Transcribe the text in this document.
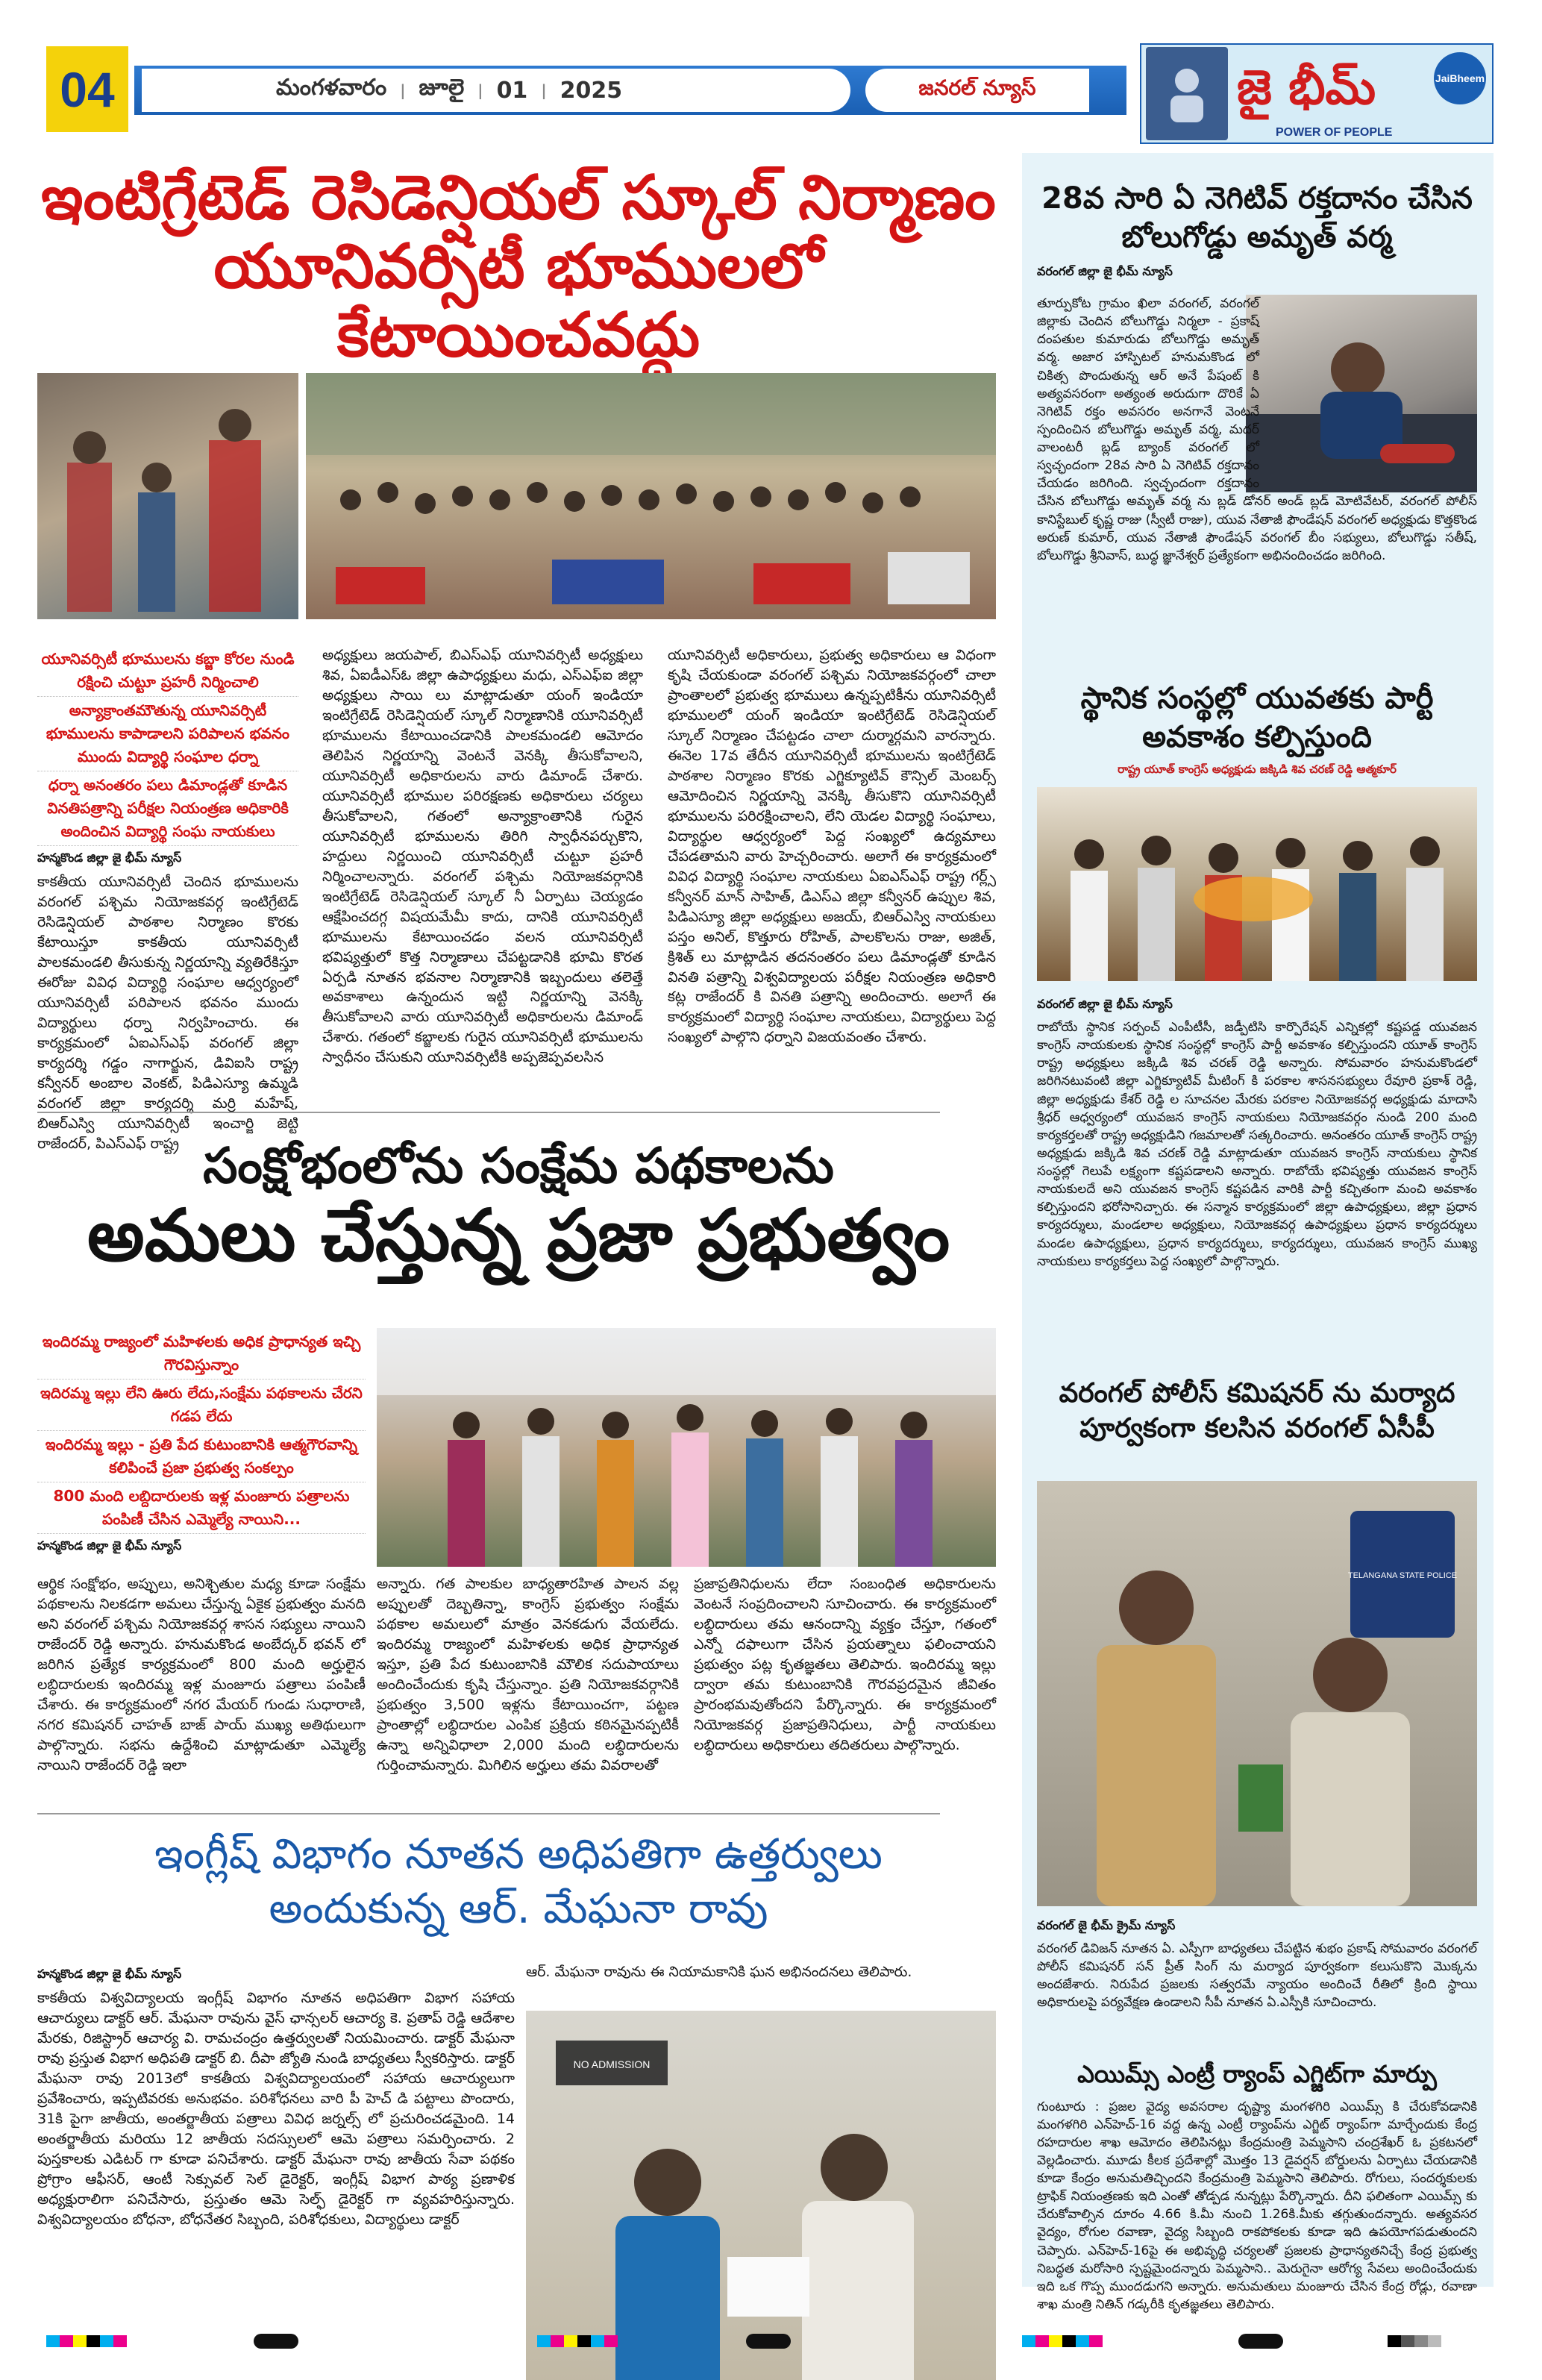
04	మంగళవారం | జూలై | 01 | 2025	జనరల్ న్యూస్	జై భీమ్
POWER OF PEOPLE
JaiBheem
ఇంటిగ్రేటెడ్ రెసిడెన్షియల్ స్కూల్ నిర్మాణం
యూనివర్సిటీ భూములలో కేటాయించవద్దు
యూనివర్సిటీ భూములను కబ్జా కోరల నుండి రక్షించి చుట్టూ ప్రహరీ నిర్మించాలి
అన్యాక్రాంతమౌతున్న యూనివర్సిటీ భూములను కాపాడాలని పరిపాలన భవనం ముందు విద్యార్థి సంఘాల ధర్నా
ధర్నా అనంతరం పలు డిమాండ్లతో కూడిన వినతిపత్రాన్ని పరీక్షల నియంత్రణ అధికారికి అందించిన విద్యార్థి సంఘ నాయకులు
హన్మకొండ జిల్లా జై భీమ్ న్యూస్
కాకతీయ యూనివర్సిటీ చెందిన భూములను వరంగల్ పశ్చిమ నియోజకవర్గ ఇంటిగ్రేటెడ్ రెసిడెన్షియల్ పాఠశాల నిర్మాణం కొరకు కేటాయిస్తూ కాకతీయ యూనివర్సిటీ పాలకమండలి తీసుకున్న నిర్ణయాన్ని వ్యతిరేకిస్తూ ఈరోజు వివిధ విద్యార్థి సంఘాల ఆధ్వర్యంలో యూనివర్సిటీ పరిపాలన భవనం ముందు విద్యార్థులు ధర్నా నిర్వహించారు. ఈ కార్యక్రమంలో ఏఐఎస్ఎఫ్ వరంగల్ జిల్లా కార్యదర్శి గడ్డం నాగార్జున, డివిఐసి రాష్ట్ర కన్వీనర్ అంబాల వెంకట్, పిడిఎస్యూ ఉమ్మడి వరంగల్ జిల్లా కార్యదర్శి మర్రి మహేష్, బిఆర్ఎస్వి యూనివర్సిటీ ఇంచార్జి జెట్టి రాజేందర్, పిఎస్ఎఫ్ రాష్ట్ర
అధ్యక్షులు జయపాల్, బిఎస్ఎఫ్ యూనివర్సిటీ అధ్యక్షులు శివ, ఏఐడీఎస్ఓ జిల్లా ఉపాధ్యక్షులు మధు, ఎస్ఎఫ్ఐ జిల్లా అధ్యక్షులు సాయి లు మాట్లాడుతూ యంగ్ ఇండియా ఇంటిగ్రేటెడ్ రెసిడెన్షియల్ స్కూల్ నిర్మాణానికి యూనివర్సిటీ భూములను కేటాయించడానికి పాలకమండలి ఆమోదం తెలిపిన నిర్ణయాన్ని వెంటనే వెనక్కి తీసుకోవాలని, యూనివర్సిటీ అధికారులను వారు డిమాండ్ చేశారు. యూనివర్సిటీ భూముల పరిరక్షణకు అధికారులు చర్యలు తీసుకోవాలని, గతంలో అన్యాక్రాంతానికి గురైన యూనివర్సిటీ భూములను తిరిగి స్వాధీనపర్చుకొని, హద్దులు నిర్ణయించి యూనివర్సిటీ చుట్టూ ప్రహరీ నిర్మించాలన్నారు. వరంగల్ పశ్చిమ నియోజకవర్గానికి ఇంటిగ్రేటెడ్ రెసిడెన్షియల్ స్కూల్ నీ ఏర్పాటు చెయ్యడం ఆక్షేపించదగ్గ విషయమేమీ కాదు, దానికి యూనివర్సిటీ భూములను కేటాయించడం వలన యూనివర్సిటీ భవిష్యత్తులో కొత్త నిర్మాణాలు చేపట్టడానికి భూమి కొరత ఏర్పడి నూతన భవనాల నిర్మాణానికి ఇబ్బందులు తలెత్తే అవకాశాలు ఉన్నందున ఇట్టి నిర్ణయాన్ని వెనక్కి తీసుకోవాలని వారు యూనివర్సిటీ అధికారులను డిమాండ్ చేశారు. గతంలో కబ్జాలకు గురైన యూనివర్సిటీ భూములను స్వాధీనం చేసుకుని యూనివర్సిటీకి అప్పజెప్పవలసిన
యూనివర్సిటీ అధికారులు, ప్రభుత్వ అధికారులు ఆ విధంగా కృషి చేయకుండా వరంగల్ పశ్చిమ నియోజకవర్గంలో చాలా ప్రాంతాలలో ప్రభుత్వ భూములు ఉన్నప్పటికీను యూనివర్సిటీ భూములలో యంగ్ ఇండియా ఇంటిగ్రేటెడ్ రెసిడెన్షియల్ స్కూల్ నిర్మాణం చేపట్టడం చాలా దుర్మార్గమని వారన్నారు. ఈనెల 17వ తేదీన యూనివర్సిటీ భూములను ఇంటిగ్రేటెడ్ పాఠశాల నిర్మాణం కొరకు ఎగ్జిక్యూటివ్ కౌన్సిల్ మెంబర్స్ ఆమోదించిన నిర్ణయాన్ని వెనక్కి తీసుకొని యూనివర్సిటీ భూములను పరిరక్షించాలని, లేని యెడల విద్యార్థి సంఘాలు, విద్యార్థుల ఆధ్వర్యంలో పెద్ద సంఖ్యలో ఉద్యమాలు చేపడతామని వారు హెచ్చరించారు. అలాగే ఈ కార్యక్రమంలో వివిధ విద్యార్థి సంఘాల నాయకులు ఏఐఎస్ఎఫ్ రాష్ట్ర గర్ల్స్ కన్వీనర్ మాన్ సాహిత్, డిఎస్ఎ జిల్లా కన్వీనర్ ఉప్పుల శివ, పిడిఎస్యూ జిల్లా అధ్యక్షులు అజయ్, బిఆర్ఎస్వి నాయకులు పస్తం అనిల్, కొత్తూరు రోహిత్, పాలకొలను రాజు, అజిత్, క్రిశిత్ లు మాట్లాడిన తదనంతరం పలు డిమాండ్లతో కూడిన వినతి పత్రాన్ని విశ్వవిద్యాలయ పరీక్షల నియంత్రణ అధికారి కట్ల రాజేందర్ కి వినతి పత్రాన్ని అందించారు. అలాగే ఈ కార్యక్రమంలో విద్యార్థి సంఘాల నాయకులు, విద్యార్థులు పెద్ద సంఖ్యలో పాల్గొని ధర్నాని విజయవంతం చేశారు.
సంక్షోభంలోను సంక్షేమ పథకాలను
అమలు చేస్తున్న ప్రజా ప్రభుత్వం
ఇందిరమ్మ రాజ్యంలో మహిళలకు అధిక ప్రాధాన్యత ఇచ్చి గౌరవిస్తున్నాం
ఇదిరమ్మ ఇల్లు లేని ఊరు లేదు,సంక్షేమ పథకాలను చేరని గడప లేదు
ఇందిరమ్మ ఇల్లు - ప్రతి పేద కుటుంబానికి ఆత్మగౌరవాన్ని కలిపించే ప్రజా ప్రభుత్వ సంకల్పం
800 మంది లబ్దిదారులకు ఇళ్ల మంజూరు పత్రాలను పంపిణీ చేసిన ఎమ్మెల్యే నాయిని...
హన్మకొండ జిల్లా జై భీమ్ న్యూస్
ఆర్థిక సంక్షోభం, అప్పులు, అనిశ్చితుల మధ్య కూడా సంక్షేమ పథకాలను నిలకడగా అమలు చేస్తున్న ఏకైక ప్రభుత్వం మనది అని వరంగల్ పశ్చిమ నియోజకవర్గ శాసన సభ్యులు నాయిని రాజేందర్ రెడ్డి అన్నారు. హనుమకొండ అంబేద్కర్ భవన్ లో జరిగిన ప్రత్యేక కార్యక్రమంలో 800 మంది అర్హులైన లబ్ధిదారులకు ఇందిరమ్మ ఇళ్ల మంజూరు పత్రాలు పంపిణీ చేశారు. ఈ కార్యక్రమంలో నగర మేయర్ గుండు సుధారాణి, నగర కమిషనర్ చాహత్ బాజ్ పాయ్ ముఖ్య అతిథులుగా పాల్గొన్నారు. సభను ఉద్దేశించి మాట్లాడుతూ ఎమ్మెల్యే నాయిని రాజేందర్ రెడ్డి ఇలా
అన్నారు. గత పాలకుల బాధ్యతారహిత పాలన వల్ల అప్పులతో దెబ్బతిన్నా, కాంగ్రెస్ ప్రభుత్వం సంక్షేమ పథకాల అమలులో మాత్రం వెనకడుగు వేయలేదు. ఇందిరమ్మ రాజ్యంలో మహిళలకు అధిక ప్రాధాన్యత ఇస్తూ, ప్రతి పేద కుటుంబానికి మౌలిక సదుపాయాలు అందించేందుకు కృషి చేస్తున్నాం. ప్రతి నియోజకవర్గానికి ప్రభుత్వం 3,500 ఇళ్లను కేటాయించగా, పట్టణ ప్రాంతాల్లో లబ్ధిదారుల ఎంపిక ప్రక్రియ కఠినమైనప్పటికీ ఉన్నా అన్నివిధాలా 2,000 మంది లబ్ధిదారులను గుర్తించామన్నారు. మిగిలిన అర్హులు తమ వివరాలతో
ప్రజాప్రతినిధులను లేదా సంబంధిత అధికారులను వెంటనే సంప్రదించాలని సూచించారు. ఈ కార్యక్రమంలో లబ్ధిదారులు తమ ఆనందాన్ని వ్యక్తం చేస్తూ, గతంలో ఎన్నో దఫాలుగా చేసిన ప్రయత్నాలు ఫలించాయని ప్రభుత్వం పట్ల కృతజ్ఞతలు తెలిపారు. ఇందిరమ్మ ఇల్లు ద్వారా తమ కుటుంబానికి గౌరవప్రదమైన జీవితం ప్రారంభమవుతోందని పేర్కొన్నారు. ఈ కార్యక్రమంలో నియోజకవర్గ ప్రజాప్రతినిధులు, పార్టీ నాయకులు లబ్ధిదారులు అధికారులు తదితరులు పాల్గొన్నారు.
ఇంగ్లీష్ విభాగం నూతన అధిపతిగా ఉత్తర్వులు
అందుకున్న ఆర్. మేఘనా రావు
హన్మకొండ జిల్లా జై భీమ్ న్యూస్
కాకతీయ విశ్వవిద్యాలయ ఇంగ్లీష్ విభాగం నూతన అధిపతిగా విభాగ సహాయ ఆచార్యులు డాక్టర్ ఆర్. మేఘనా రావును వైస్ ఛాన్సలర్ ఆచార్య కె. ప్రతాప్ రెడ్డి ఆదేశాల మేరకు, రిజిస్ట్రార్ ఆచార్య వి. రామచంద్రం ఉత్తర్వులతో నియమించారు. డాక్టర్ మేఘనా రావు ప్రస్తుత విభాగ అధిపతి డాక్టర్ బి. దీపా జ్యోతి నుండి బాధ్యతలు స్వీకరిస్తారు. డాక్టర్ మేఘనా రావు 2013లో కాకతీయ విశ్వవిద్యాలయంలో సహాయ ఆచార్యులుగా ప్రవేశించారు, ఇప్పటివరకు అనుభవం. పరిశోధనలు వారి పీ హెచ్ డి పట్టాలు పొందారు, 31కి పైగా జాతీయ, అంతర్జాతీయ పత్రాలు వివిధ జర్నల్స్ లో ప్రచురించడమైంది. 14 అంతర్జాతీయ మరియు 12 జాతీయ సదస్సులలో ఆమె పత్రాలు సమర్పించారు. 2 పుస్తకాలకు ఎడిటర్ గా కూడా పనిచేశారు. డాక్టర్ మేఘనా రావు జాతీయ సేవా పథకం ప్రోగ్రాం ఆఫీసర్, ఆంటీ సెక్సువల్ సెల్ డైరెక్టర్, ఇంగ్లీష్ విభాగ పాఠ్య ప్రణాళిక అధ్యక్షురాలిగా పనిచేసారు, ప్రస్తుతం ఆమె సెల్ఫ్ డైరెక్టర్ గా వ్యవహరిస్తున్నారు. విశ్వవిద్యాలయం బోధనా, బోధనేతర సిబ్బంది, పరిశోధకులు, విద్యార్థులు డాక్టర్
ఆర్. మేఘనా రావును ఈ నియామకానికి ఘన అభినందనలు తెలిపారు.
NO ADMISSION
28వ సారి ఏ నెగిటివ్ రక్తదానం చేసిన బోలుగోడ్డు అమృత్ వర్మ
వరంగల్ జిల్లా జై భీమ్ న్యూస్
తూర్పుకోట గ్రామం ఖిలా వరంగల్, వరంగల్ జిల్లాకు చెందిన బోలుగొడ్డు నిర్మలా - ప్రకాష్ దంపతుల కుమారుడు బోలుగొడ్డు అమృత్ వర్మ. అజార హాస్పిటల్ హనుమకొండ లో చికిత్స పొందుతున్న ఆర్ అనే పేషంట్ కి అత్యవసరంగా అత్యంత అరుదుగా దొరికే ఏ నెగిటివ్ రక్తం అవసరం అనగానే వెంటనే స్పందించిన బోలుగొడ్డు అమృత్ వర్మ, మదర్ వాలంటరీ బ్లడ్ బ్యాంక్ వరంగల్ లో స్వచ్ఛందంగా 28వ సారి ఏ నెగిటివ్ రక్తదానం చేయడం జరిగింది. స్వచ్ఛందంగా రక్తదానం చేసిన బోలుగొడ్డు అమృత్ వర్మ ను బ్లడ్ డోనర్ అండ్ బ్లడ్ మోటివేటర్, వరంగల్ పోలీస్ కానిస్టేబుల్ కృష్ణ రాజు (స్వీటీ రాజు), యువ నేతాజీ ఫౌండేషన్ వరంగల్ అధ్యక్షుడు కొత్తకొండ అరుణ్ కుమార్, యువ నేతాజీ ఫౌండేషన్ వరంగల్ బీం సభ్యులు, బోలుగొడ్డు సతీష్, బోలుగొడ్డు శ్రీనివాస్, బుద్ధ జ్ఞానేశ్వర్ ప్రత్యేకంగా అభినందించడం జరిగింది.
స్థానిక సంస్థల్లో యువతకు పార్టీ అవకాశం కల్పిస్తుంది
రాష్ట్ర యూత్ కాంగ్రెస్ అధ్యక్షుడు జక్కిడి శివ చరణ్ రెడ్డి ఆత్మకూర్
వరంగల్ జిల్లా జై భీమ్ న్యూస్
రాబోయే స్థానిక సర్పంచ్ ఎంపీటీసీ, జడ్పీటిసి కార్పొరేషన్ ఎన్నికల్లో కష్టపడ్డ యువజన కాంగ్రెస్ నాయకులకు స్థానిక సంస్థల్లో కాంగ్రెస్ పార్టీ అవకాశం కల్పిస్తుందని యూత్ కాంగ్రెస్ రాష్ట్ర అధ్యక్షులు జక్కిడి శివ చరణ్ రెడ్డి అన్నారు. సోమవారం హనుమకొండలో జరిగినటువంటి జిల్లా ఎగ్జిక్యూటివ్ మీటింగ్ కి పరకాల శాసనసభ్యులు రేవూరి ప్రకాశ్ రెడ్డి, జిల్లా అధ్యక్షుడు కేశర్ రెడ్డి ల సూచనల మేరకు పరకాల నియోజకవర్గ అధ్యక్షుడు మాదాసి శ్రీధర్ ఆధ్వర్యంలో యువజన కాంగ్రెస్ నాయకులు నియోజకవర్గం నుండి 200 మంది కార్యకర్తలతో రాష్ట్ర అధ్యక్షుడిని గజమాలతో సత్కరించారు. అనంతరం యూత్ కాంగ్రెస్ రాష్ట్ర అధ్యక్షుడు జక్కిడి శివ చరణ్ రెడ్డి మాట్లాడుతూ యువజన కాంగ్రెస్ నాయకులు స్థానిక సంస్థల్లో గెలుపే లక్ష్యంగా కష్టపడాలని అన్నారు. రాబోయే భవిష్యత్తు యువజన కాంగ్రెస్ నాయకులదే అని యువజన కాంగ్రెస్ కష్టపడిన వారికి పార్టీ కచ్చితంగా మంచి అవకాశం కల్పిస్తుందని భరోసానిచ్చారు. ఈ సన్మాన కార్యక్రమంలో జిల్లా ఉపాధ్యక్షులు, జిల్లా ప్రధాన కార్యదర్శులు, మండలాల అధ్యక్షులు, నియోజకవర్గ ఉపాధ్యక్షులు ప్రధాన కార్యదర్శులు మండల ఉపాధ్యక్షులు, ప్రధాన కార్యదర్శులు, కార్యదర్శులు, యువజన కాంగ్రెస్ ముఖ్య నాయకులు కార్యకర్తలు పెద్ద సంఖ్యలో పాల్గొన్నారు.
వరంగల్ పోలీస్ కమిషనర్ ను మర్యాద పూర్వకంగా కలసిన వరంగల్ ఏసీపీ
TELANGANA STATE POLICE
వరంగల్ జై భీమ్ క్రైమ్ న్యూస్
వరంగల్ డివిజన్ నూతన ఏ. ఎస్పీగా బాధ్యతలు చేపట్టిన శుభం ప్రకాష్ సోమవారం వరంగల్ పోలీస్ కమిషనర్ సన్ ప్రీత్ సింగ్ ను మర్యాద పూర్వకంగా కలుసుకొని మొక్కను అందజేశారు. నిరుపేద ప్రజలకు సత్వరమే న్యాయం అందించే రీతిలో క్రింది స్థాయి అధికారులపై పర్యవేక్షణ ఉండాలని సీపీ నూతన ఏ.ఎస్పీకి సూచించారు.
ఎయిమ్స్ ఎంట్రీ ర్యాంప్ ఎగ్జిట్‌గా మార్పు
గుంటూరు : ప్రజల వైద్య అవసరాల దృష్ట్యా మంగళగిరి ఎయిమ్స్ కి చేరుకోవడానికి మంగళగిరి ఎన్‌హెచ్-16 వద్ద ఉన్న ఎంట్రీ ర్యాంప్‌ను ఎగ్జిట్ ర్యాంప్‌గా మార్చేందుకు కేంద్ర రహదారుల శాఖ ఆమోదం తెలిపినట్లు కేంద్రమంత్రి పెమ్మసాని చంద్రశేఖర్ ఓ ప్రకటనలో వెల్లడించారు. మూడు కీలక ప్రదేశాల్లో మొత్తం 13 డైవర్షన్ బోర్డులను ఏర్పాటు చేయడానికి కూడా కేంద్రం అనుమతిచ్చిందని కేంద్రమంత్రి పెమ్మసాని తెలిపారు. రోగులు, సందర్శకులకు ట్రాఫిక్ నియంత్రణకు ఇది ఎంతో తోడ్పడ నున్నట్లు పేర్కొన్నారు. దీని ఫలితంగా ఎయిమ్స్ కు చేరుకోవాల్సిన దూరం 4.66 కి.మీ నుంచి 1.26కి.మీకు తగ్గుతుందన్నారు. అత్యవసర వైద్యం, రోగుల రవాణా, వైద్య సిబ్బంది రాకపోకలకు కూడా ఇది ఉపయోగపడుతుందని చెప్పారు. ఎన్‌హెచ్-16పై ఈ అభివృద్ధి చర్యలతో ప్రజలకు ప్రాధాన్యతనిచ్చే కేంద్ర ప్రభుత్వ నిబద్ధత మరోసారి స్పష్టమైందన్నారు పెమ్మసాని.. మెరుగైనా ఆరోగ్య సేవలు అందించేందుకు ఇది ఒక గొప్ప ముందడుగని అన్నారు. అనుమతులు మంజూరు చేసిన కేంద్ర రోడ్లు, రవాణా శాఖ మంత్రి నితిన్ గడ్కరీకి కృతజ్ఞతలు తెలిపారు.
